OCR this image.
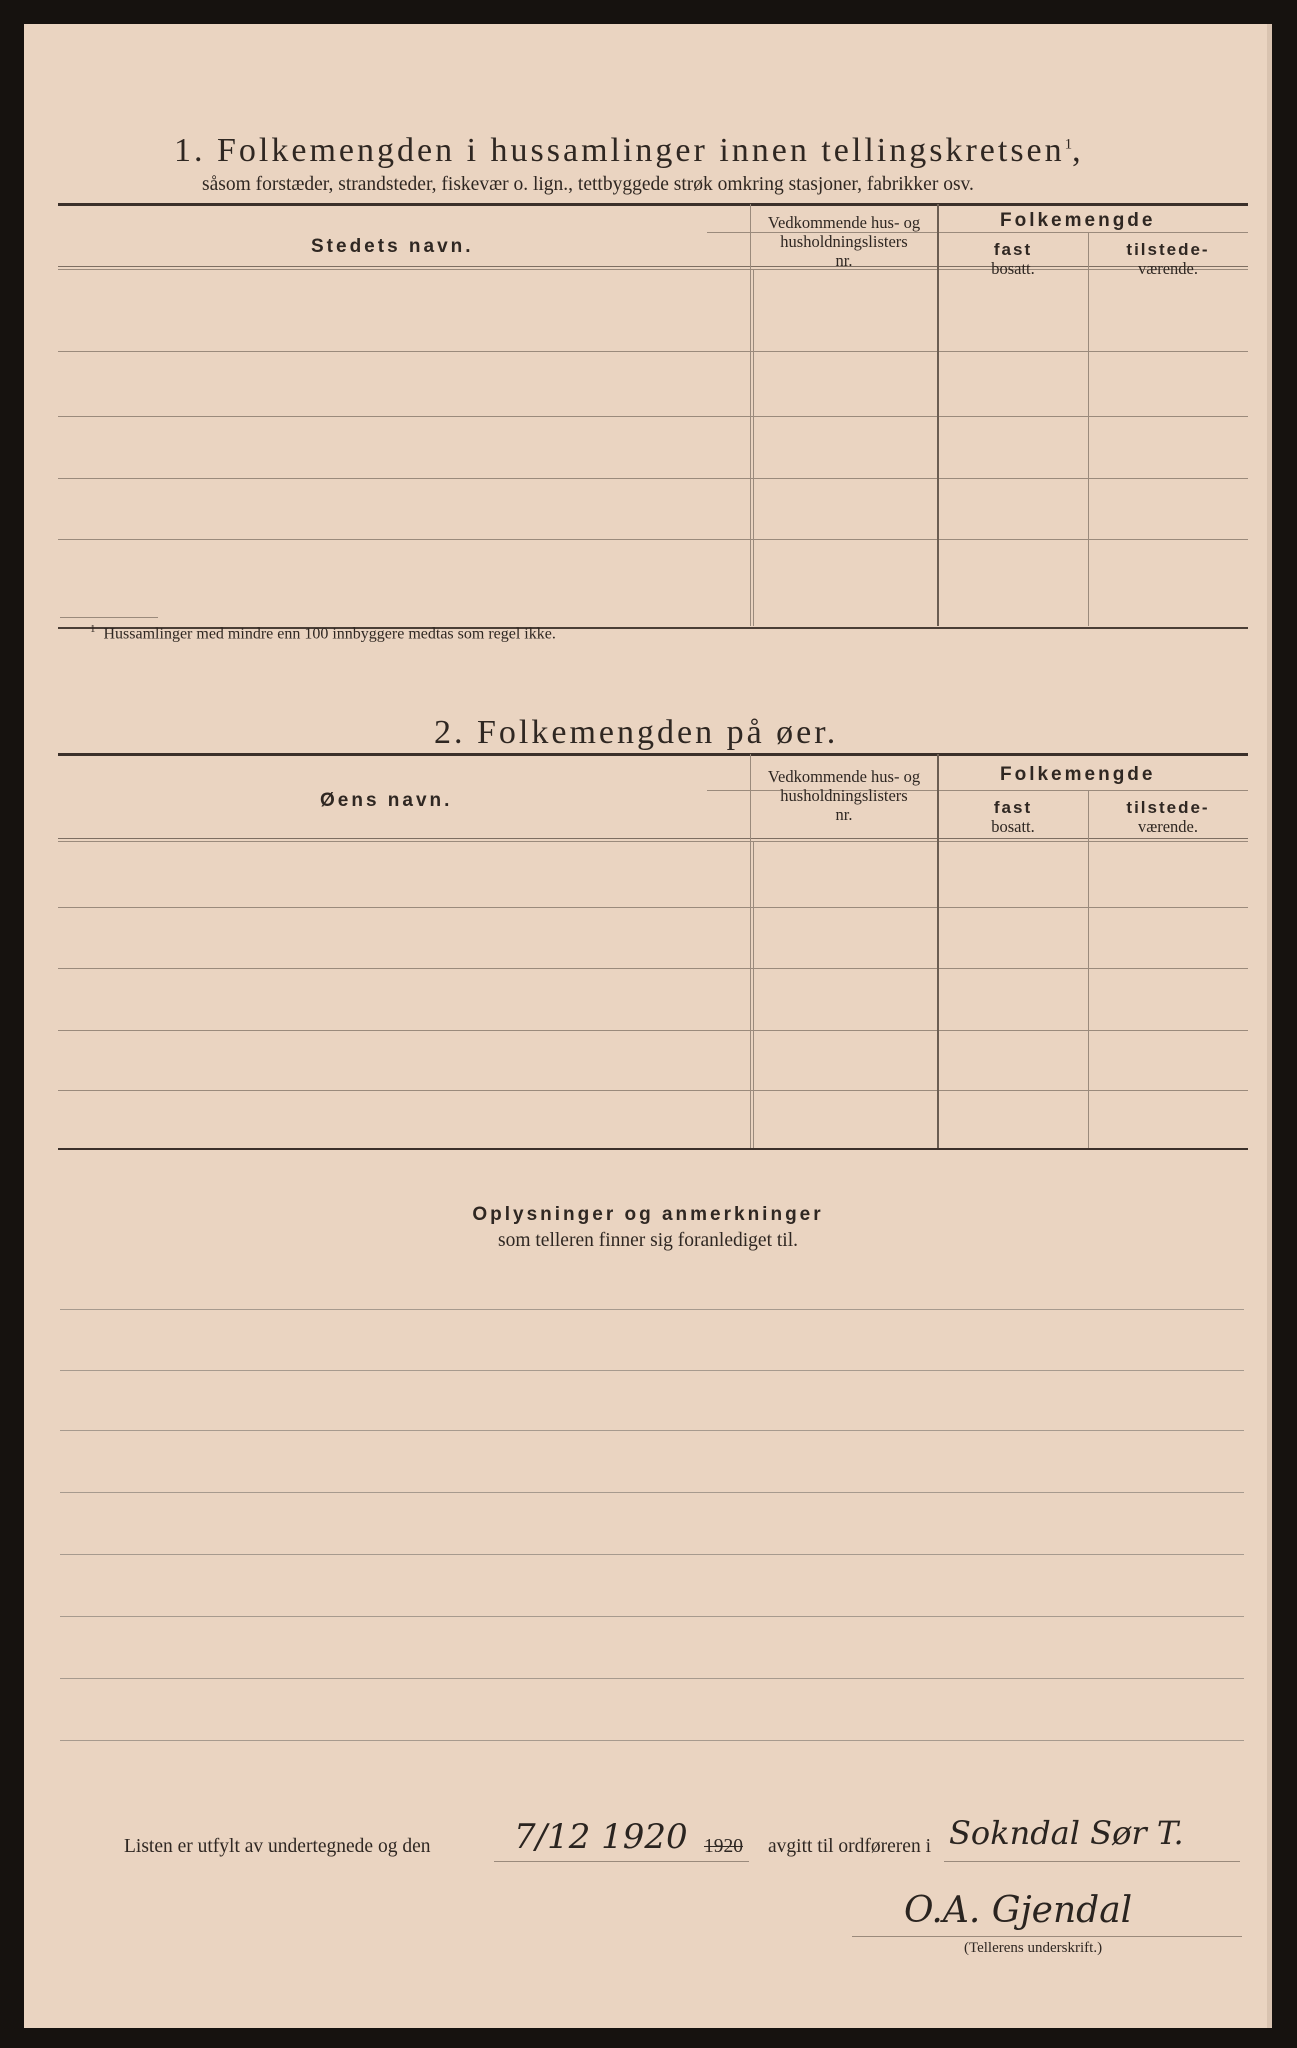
1. Folkemengden i hussamlinger innen tellingskretsen$^1$,
såsom forstæder, strandsteder, fiskevær o. lign., tettbyggede strøk omkring stasjoner, fabrikker osv.
Stedets navn.
Vedkommende hus- og
husholdningslisters
nr.
Folkemengde
fast
bosatt.
tilstede-
værende.
$^1$ Hussamlinger med mindre enn 100 innbyggere medtas som regel ikke.
2. Folkemengden på øer.
Øens navn.
Vedkommende hus- og
husholdningslisters
nr.
Folkemengde
fast
bosatt.
tilstede-
værende.
Oplysninger og anmerkninger
som telleren finner sig foranlediget til.
Listen er utfylt av undertegnede og den 7/12 1920 1920 avgitt til ordføreren i Sokndal Sør T.
O.A. Gjendal
(Tellerens underskrift.)
